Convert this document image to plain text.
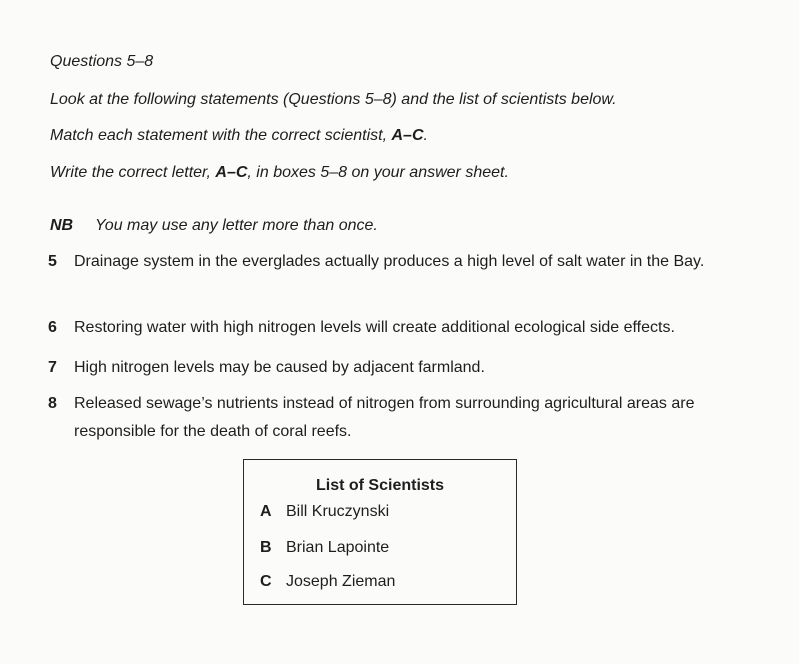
Questions 5–8
Look at the following statements (Questions 5–8) and the list of scientists below.
Match each statement with the correct scientist, A–C.
Write the correct letter, A–C, in boxes 5–8 on your answer sheet.
NB You may use any letter more than once.
5	Drainage system in the everglades actually produces a high level of salt water in the Bay.
6	Restoring water with high nitrogen levels will create additional ecological side effects.
7	High nitrogen levels may be caused by adjacent farmland.
8	Released sewage’s nutrients instead of nitrogen from surrounding agricultural areas are responsible for the death of coral reefs.
List of Scientists
A Bill Kruczynski
B Brian Lapointe
C Joseph Zieman
